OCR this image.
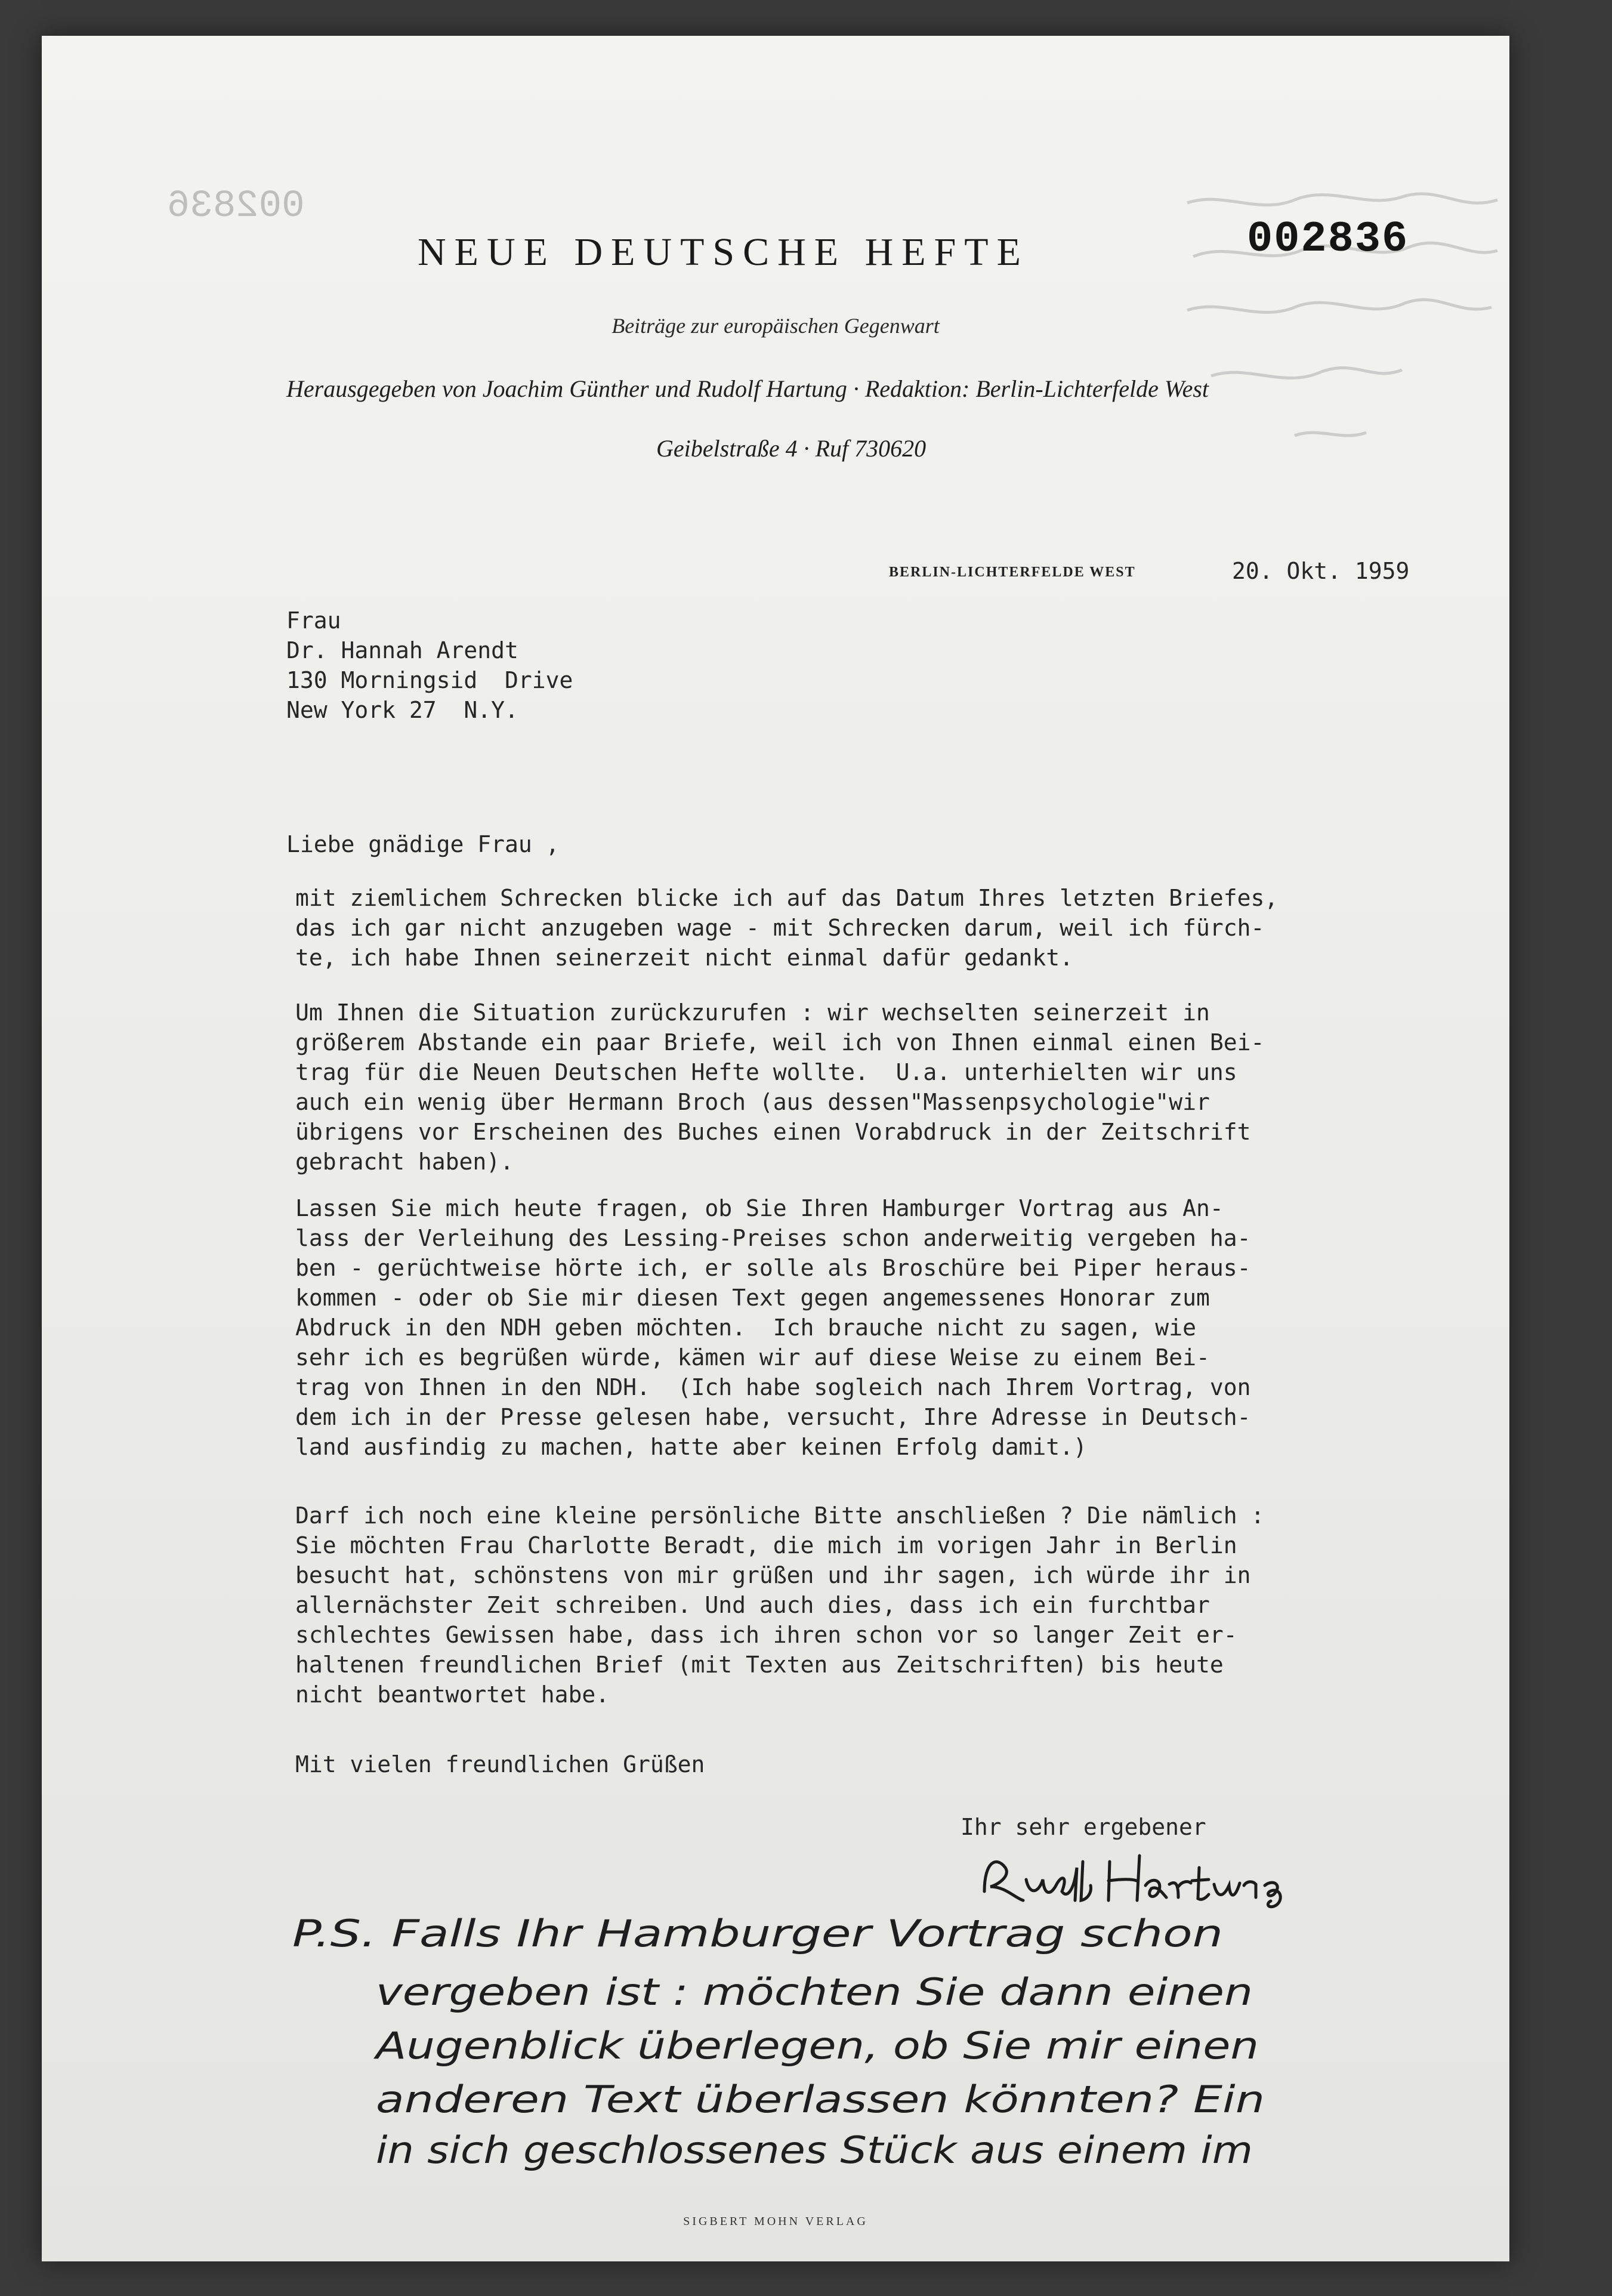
002836
002836
NEUE DEUTSCHE HEFTE
Beiträge zur europäischen Gegenwart
Herausgegeben von Joachim Günther und Rudolf Hartung · Redaktion: Berlin-Lichterfelde West
Geibelstraße 4 · Ruf 730620
BERLIN-LICHTERFELDE WEST	20. Okt. 1959
Frau
Dr. Hannah Arendt
130 Morningsid  Drive
New York 27  N.Y.
Liebe gnädige Frau ,
mit ziemlichem Schrecken blicke ich auf das Datum Ihres letzten Briefes,
das ich gar nicht anzugeben wage - mit Schrecken darum, weil ich fürch-
te, ich habe Ihnen seinerzeit nicht einmal dafür gedankt.
Um Ihnen die Situation zurückzurufen : wir wechselten seinerzeit in
größerem Abstande ein paar Briefe, weil ich von Ihnen einmal einen Bei-
trag für die Neuen Deutschen Hefte wollte.  U.a. unterhielten wir uns
auch ein wenig über Hermann Broch (aus dessen"Massenpsychologie"wir
übrigens vor Erscheinen des Buches einen Vorabdruck in der Zeitschrift
gebracht haben).
Lassen Sie mich heute fragen, ob Sie Ihren Hamburger Vortrag aus An-
lass der Verleihung des Lessing-Preises schon anderweitig vergeben ha-
ben - gerüchtweise hörte ich, er solle als Broschüre bei Piper heraus-
kommen - oder ob Sie mir diesen Text gegen angemessenes Honorar zum
Abdruck in den NDH geben möchten.  Ich brauche nicht zu sagen, wie
sehr ich es begrüßen würde, kämen wir auf diese Weise zu einem Bei-
trag von Ihnen in den NDH.  (Ich habe sogleich nach Ihrem Vortrag, von
dem ich in der Presse gelesen habe, versucht, Ihre Adresse in Deutsch-
land ausfindig zu machen, hatte aber keinen Erfolg damit.)
Darf ich noch eine kleine persönliche Bitte anschließen ? Die nämlich :
Sie möchten Frau Charlotte Beradt, die mich im vorigen Jahr in Berlin
besucht hat, schönstens von mir grüßen und ihr sagen, ich würde ihr in
allernächster Zeit schreiben. Und auch dies, dass ich ein furchtbar
schlechtes Gewissen habe, dass ich ihren schon vor so langer Zeit er-
haltenen freundlichen Brief (mit Texten aus Zeitschriften) bis heute
nicht beantwortet habe.
Mit vielen freundlichen Grüßen
Ihr sehr ergebener
P.S. Falls Ihr Hamburger Vortrag schon
vergeben ist : möchten Sie dann einen
Augenblick überlegen, ob Sie mir einen
anderen Text überlassen könnten? Ein
in sich geschlossenes Stück aus einem im
SIGBERT MOHN VERLAG
